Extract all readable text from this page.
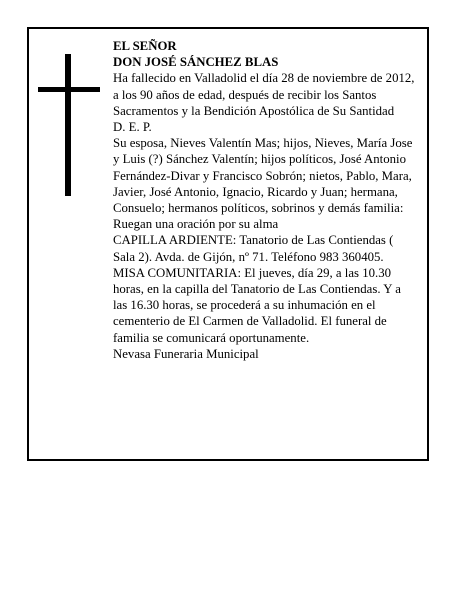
EL SEÑOR

DON JOSÉ SÁNCHEZ BLAS

Ha fallecido en Valladolid el día 28 de noviembre de 2012, a los 90 años de edad, después de recibir los Santos Sacramentos y la Bendición Apostólica de Su Santidad

D. E. P.

Su esposa, Nieves Valentín Mas; hijos, Nieves, María Jose y Luis (?) Sánchez Valentín; hijos políticos, José Antonio Fernández-Divar y Francisco Sobrón; nietos, Pablo, Mara, Javier, José Antonio, Ignacio, Ricardo y Juan; hermana, Consuelo; hermanos políticos, sobrinos y demás familia:

Ruegan una oración por su alma

CAPILLA ARDIENTE: Tanatorio de Las Contiendas ( Sala 2). Avda. de Gijón, nº 71. Teléfono 983 360405.

MISA COMUNITARIA: El jueves, día 29, a las 10.30 horas, en la capilla del Tanatorio de Las Contiendas. Y a las 16.30 horas, se procederá a su inhumación en el cementerio de El Carmen de Valladolid. El funeral de familia se comunicará oportunamente.

Nevasa Funeraria Municipal
